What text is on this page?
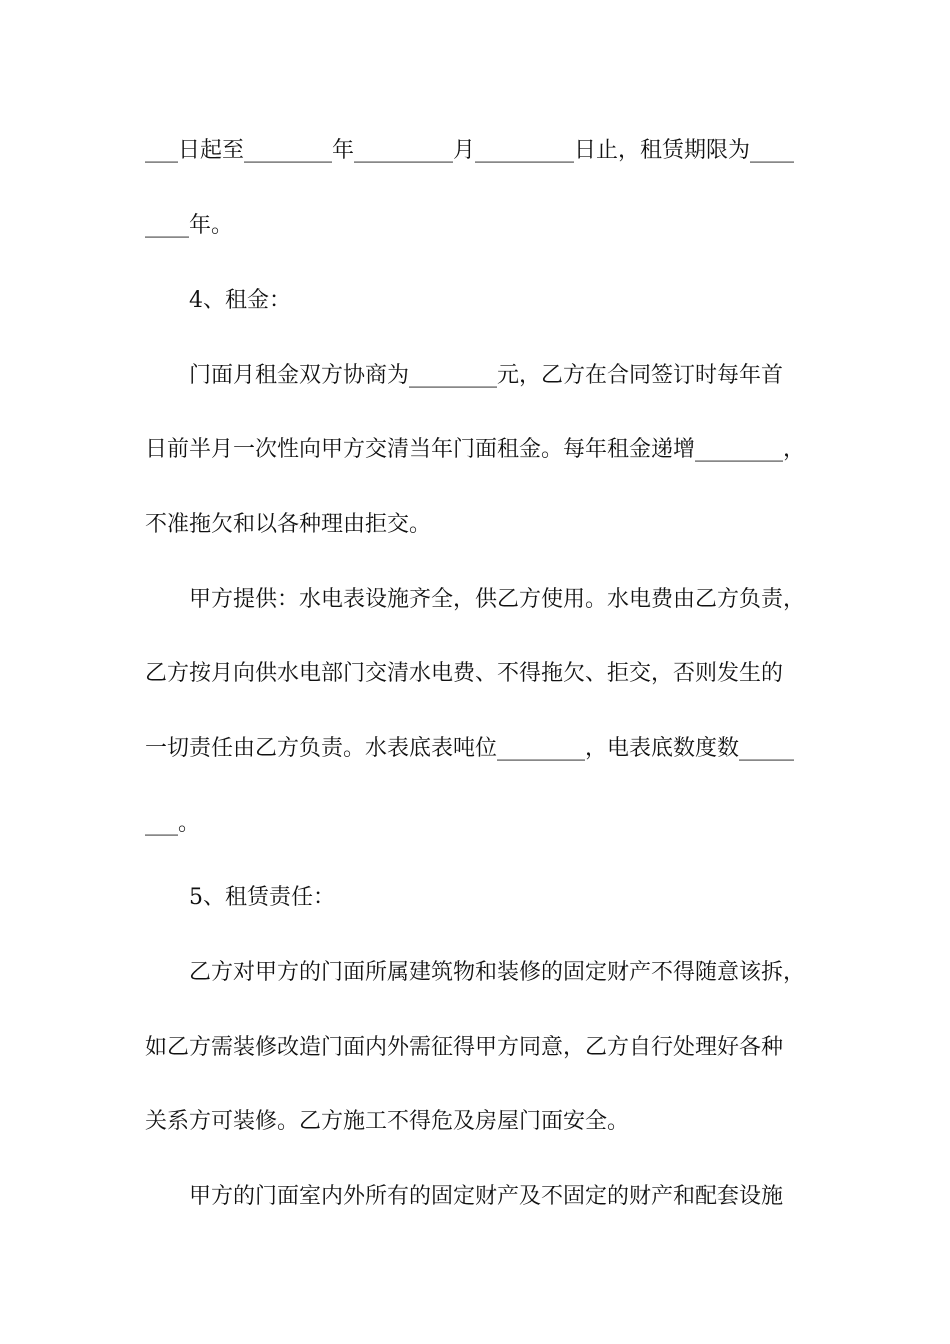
___日起至________年_________月_________日止，租赁期限为____
____年。
4、租金：
门面月租金双方协商为________元，乙方在合同签订时每年首
日前半月一次性向甲方交清当年门面租金。每年租金递增________，
不准拖欠和以各种理由拒交。
甲方提供：水电表设施齐全，供乙方使用。水电费由乙方负责，
乙方按月向供水电部门交清水电费、不得拖欠、拒交，否则发生的
一切责任由乙方负责。水表底表吨位________，电表底数度数_____
___。
5、租赁责任：
乙方对甲方的门面所属建筑物和装修的固定财产不得随意该拆，
如乙方需装修改造门面内外需征得甲方同意，乙方自行处理好各种
关系方可装修。乙方施工不得危及房屋门面安全。
甲方的门面室内外所有的固定财产及不固定的财产和配套设施
